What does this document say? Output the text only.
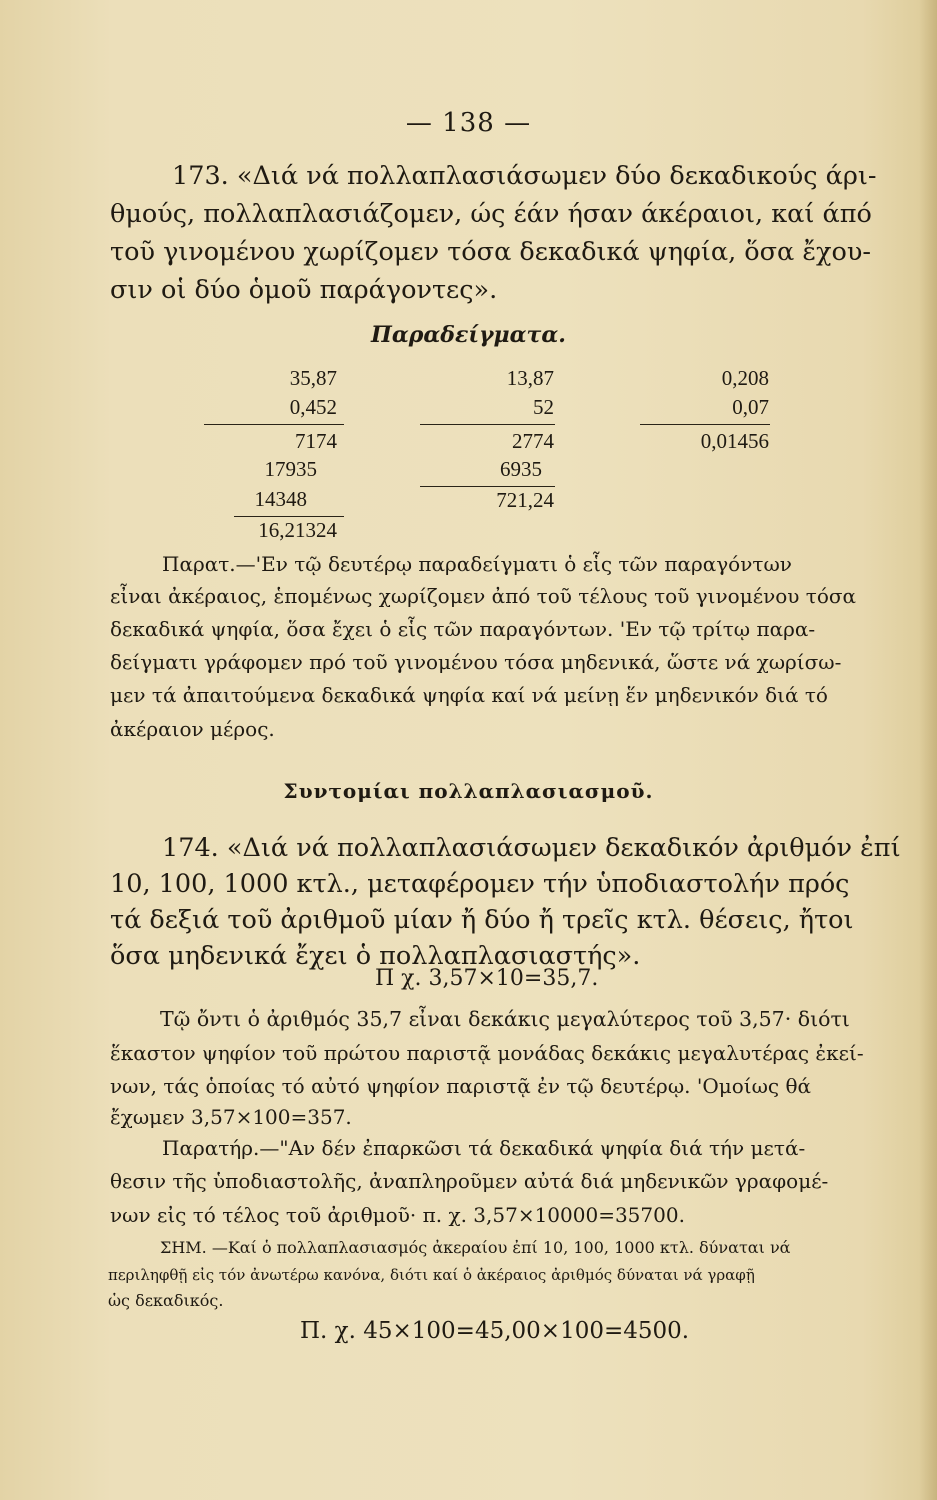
— 138 —
173. «Διά νά πολλαπλασιάσωμεν δύο δεκαδικούς άρι-
θμούς, πολλαπλασιάζομεν, ώς έάν ήσαν άκέραιοι, καί άπό
τοῦ γινομένου χωρίζομεν τόσα δεκαδικά ψηφία, ὅσα ἔχου-
σιν οἱ δύο ὁμοῦ παράγοντες».
Παραδείγματα.
35,87
0,452
7174
17935
14348
16,21324
13,87
52
2774
6935
721,24
0,208
0,07
0,01456
Παρατ.—'Εν τῷ δευτέρῳ παραδείγματι ὁ εἷς τῶν παραγόντων
εἶναι ἀκέραιος, ἑπομένως χωρίζομεν ἀπό τοῦ τέλους τοῦ γινομένου τόσα
δεκαδικά ψηφία, ὅσα ἔχει ὁ εἷς τῶν παραγόντων. 'Εν τῷ τρίτῳ παρα-
δείγματι γράφομεν πρό τοῦ γινομένου τόσα μηδενικά, ὥστε νά χωρίσω-
μεν τά ἀπαιτούμενα δεκαδικά ψηφία καί νά μείνῃ ἕν μηδενικόν διά τό
ἀκέραιον μέρος.
Συντομίαι πολλαπλασιασμοῦ.
174. «Διά νά πολλαπλασιάσωμεν δεκαδικόν ἀριθμόν ἐπί
10, 100, 1000 κτλ., μεταφέρομεν τήν ὑποδιαστολήν πρός
τά δεξιά τοῦ ἀριθμοῦ μίαν ἤ δύο ἤ τρεῖς κτλ. θέσεις, ἤτοι
ὅσα μηδενικά ἔχει ὁ πολλαπλασιαστής».
Π χ. 3,57×10=35,7.
Τῷ ὄντι ὁ ἀριθμός 35,7 εἶναι δεκάκις μεγαλύτερος τοῦ 3,57· διότι
ἕκαστον ψηφίον τοῦ πρώτου παριστᾷ μονάδας δεκάκις μεγαλυτέρας ἐκεί-
νων, τάς ὁποίας τό αὐτό ψηφίον παριστᾷ ἐν τῷ δευτέρῳ. 'Ομοίως θά
ἔχωμεν 3,57×100=357.
Παρατήρ.—"Αν δέν ἐπαρκῶσι τά δεκαδικά ψηφία διά τήν μετά-
θεσιν τῆς ὑποδιαστολῆς, ἀναπληροῦμεν αὐτά διά μηδενικῶν γραφομέ-
νων εἰς τό τέλος τοῦ ἀριθμοῦ· π. χ. 3,57×10000=35700.
ΣΗΜ. —Καί ὁ πολλαπλασιασμός ἀκεραίου ἐπί 10, 100, 1000 κτλ. δύναται νά
περιληφθῇ εἰς τόν ἀνωτέρω κανόνα, διότι καί ὁ ἀκέραιος ἀριθμός δύναται νά γραφῇ
ὡς δεκαδικός.
Π. χ. 45×100=45,00×100=4500.
